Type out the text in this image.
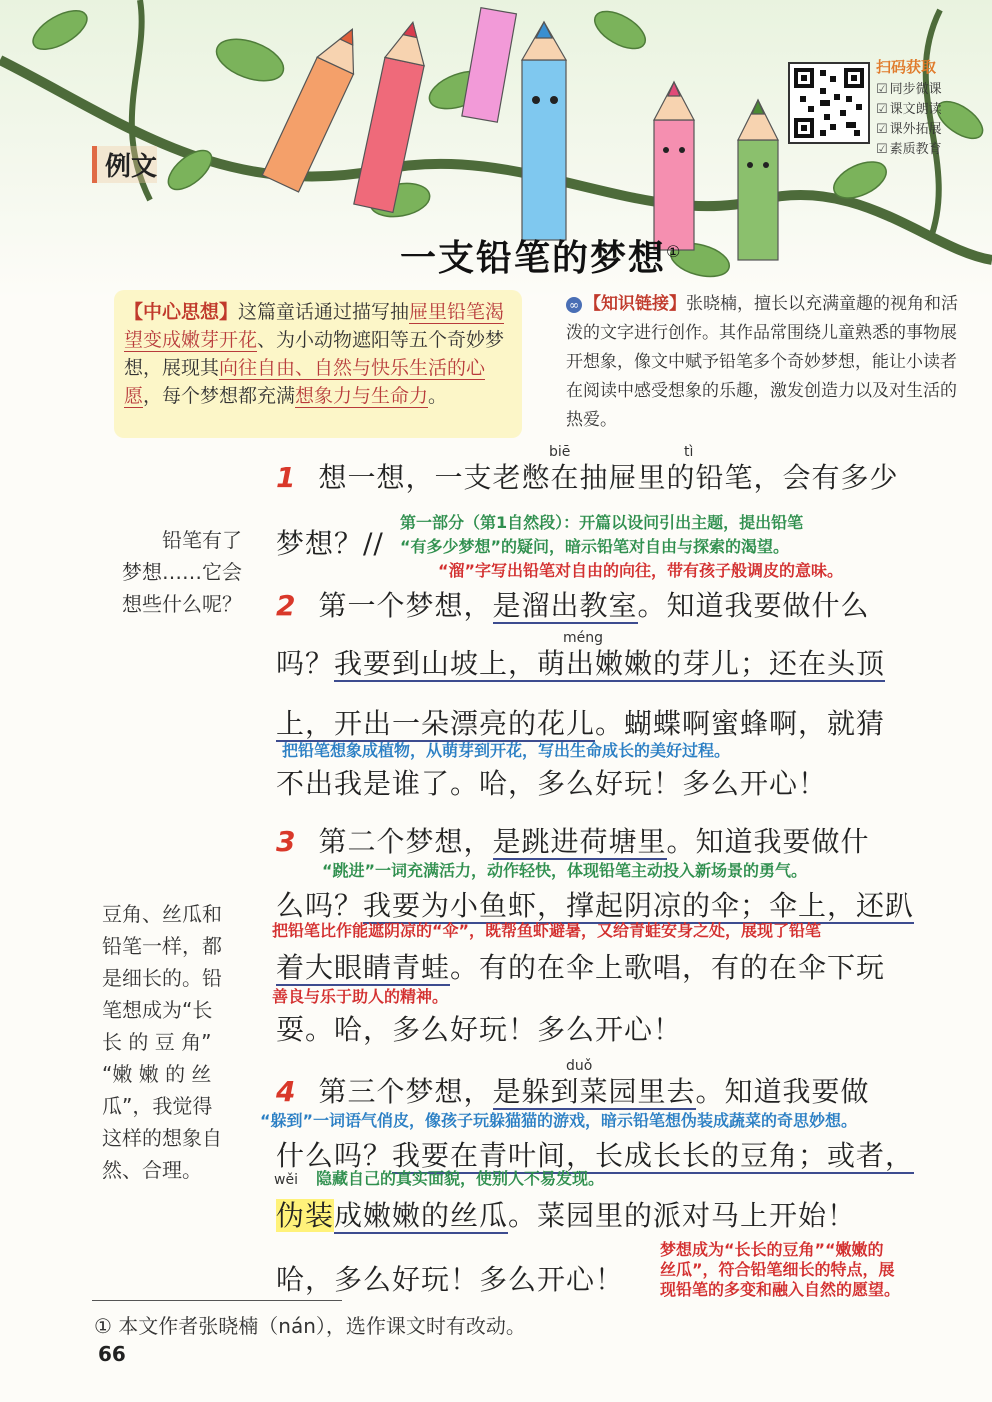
例文
扫码获取
☑ 同步微课
☑ 课文朗读
☑ 课外拓展
☑ 素质教育
一支铅笔的梦想①
【中心思想】这篇童话通过描写抽屉里铅笔渴望变成嫩芽开花、为小动物遮阳等五个奇妙梦想，展现其向往自由、自然与快乐生活的心愿，每个梦想都充满想象力与生命力。
∞ 【知识链接】张晓楠，擅长以充满童趣的视角和活泼的文字进行创作。其作品常围绕儿童熟悉的事物展开想象，像文中赋予铅笔多个奇妙梦想，能让小读者在阅读中感受想象的乐趣，激发创造力以及对生活的热爱。
biē	tì
1 想一想，一支老憋在抽屉里的铅笔，会有多少
梦想？//
第一部分（第1自然段）：开篇以设问引出主题，提出铅笔
“有多少梦想”的疑问，暗示铅笔对自由与探索的渴望。
“溜”字写出铅笔对自由的向往，带有孩子般调皮的意味。
铅笔有了
梦想……它会
想些什么呢？ 2 第一个梦想，是溜出教室。知道我要做什么
méng
吗？我要到山坡上，萌出嫩嫩的芽儿；还在头顶
上，开出一朵漂亮的花儿。蝴蝶啊蜜蜂啊，就猜
把铅笔想象成植物，从萌芽到开花，写出生命成长的美好过程。
不出我是谁了。哈，多么好玩！多么开心！
3 第二个梦想，是跳进荷塘里。知道我要做什
“跳进”一词充满活力，动作轻快，体现铅笔主动投入新场景的勇气。
么吗？我要为小鱼虾，撑起阴凉的伞；伞上，还趴
把铅笔比作能遮阴凉的“伞”，既帮鱼虾避暑，又给青蛙安身之处，展现了铅笔
着大眼睛青蛙。有的在伞上歌唱，有的在伞下玩
善良与乐于助人的精神。
耍。哈，多么好玩！多么开心！
豆角、丝瓜和
铅笔一样，都
是细长的。铅
笔想成为“长
长 的 豆 角”
“嫩 嫩 的 丝
瓜”，我觉得
这样的想象自
然、合理。
duǒ
4 第三个梦想，是躲到菜园里去。知道我要做
“躲到”一词语气俏皮，像孩子玩躲猫猫的游戏，暗示铅笔想伪装成蔬菜的奇思妙想。
什么吗？我要在青叶间，长成长长的豆角；或者，
wěi 隐藏自己的真实面貌，使别人不易发现。
伪装成嫩嫩的丝瓜。菜园里的派对马上开始！
哈，多么好玩！多么开心！
梦想成为“长长的豆角”“嫩嫩的
丝瓜”，符合铅笔细长的特点，展
现铅笔的多变和融入自然的愿望。
① 本文作者张晓楠（nán），选作课文时有改动。
66
